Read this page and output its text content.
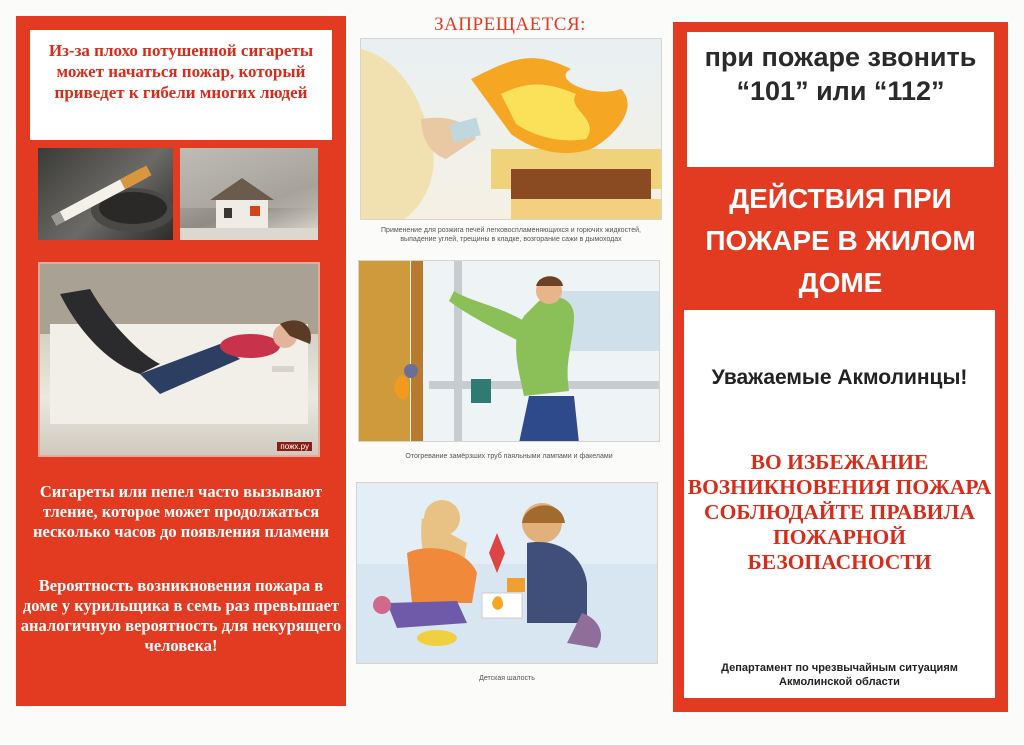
Из-за плохо потушенной сигареты может начаться пожар, который приведет к гибели многих людей
пожх.ру
Сигареты или пепел часто вызывают тление, которое может продолжаться несколько часов до появления пламени
Вероятность возникновения пожара в доме у курильщика в семь раз превышает аналогичную вероятность для некурящего человека!
ЗАПРЕЩАЕТСЯ:
Применение для розжига печей легковоспламеняющихся и горючих жидкостей, выпадение углей, трещины в кладке, возгорание сажи в дымоходах
Отогревание замёрзших труб паяльными лампами и факелами
Детская шалость
при пожаре звонить “101” или “112”
ДЕЙСТВИЯ ПРИ ПОЖАРЕ В ЖИЛОМ ДОМЕ
Уважаемые Акмолинцы!
ВО ИЗБЕЖАНИЕ ВОЗНИКНОВЕНИЯ ПОЖАРА СОБЛЮДАЙТЕ ПРАВИЛА ПОЖАРНОЙ БЕЗОПАСНОСТИ
Департамент по чрезвычайным ситуациям Акмолинской области
